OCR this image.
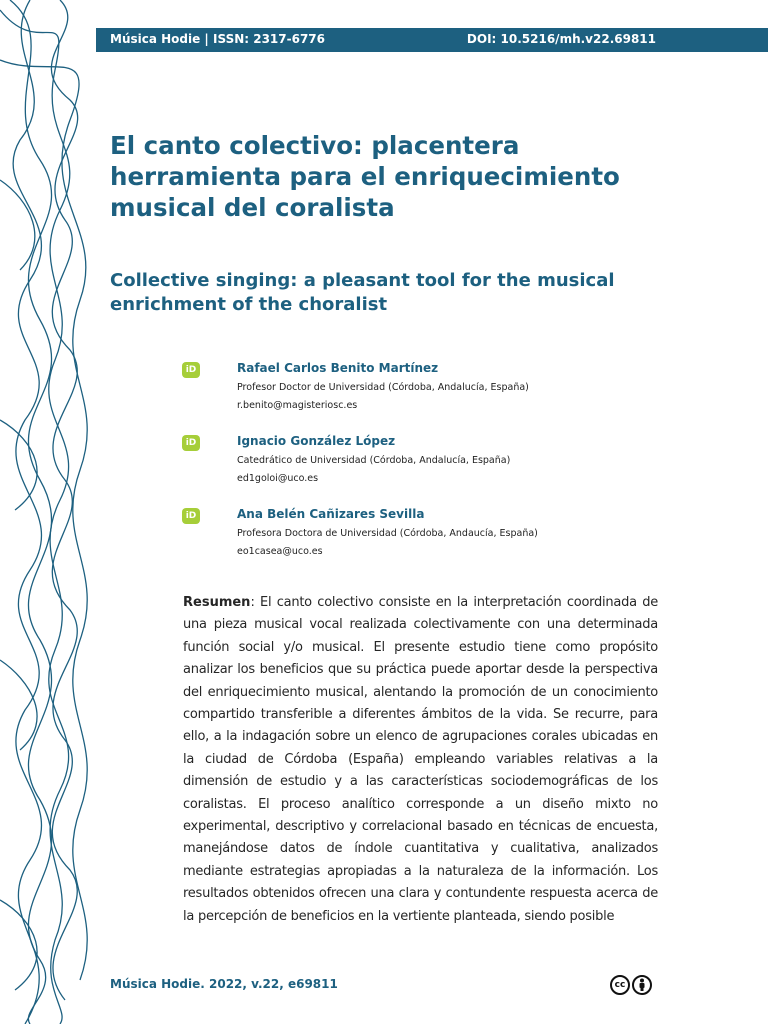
Música Hodie | ISSN: 2317-6776	DOI: 10.5216/mh.v22.69811
El canto colectivo: placentera herramienta para el enriquecimiento musical del coralista
Collective singing: a pleasant tool for the musical enrichment of the choralist
iD	Rafael Carlos Benito Martínez
Profesor Doctor de Universidad (Córdoba, Andalucía, España)
r.benito@magisteriosc.es
iD	Ignacio González López
Catedrático de Universidad (Córdoba, Andalucía, España)
ed1goloi@uco.es
iD	Ana Belén Cañizares Sevilla
Profesora Doctora de Universidad (Córdoba, Andaucía, España)
eo1casea@uco.es

Resumen: El canto colectivo consiste en la interpretación coordinada de una pieza musical vocal realizada colectivamente con una determinada función social y/o musical. El presente estudio tiene como propósito analizar los beneficios que su práctica puede aportar desde la perspectiva del enriquecimiento musical, alentando la promoción de un conocimiento compartido transferible a diferentes ámbitos de la vida. Se recurre, para ello, a la indagación sobre un elenco de agrupaciones corales ubicadas en la ciudad de Córdoba (España) empleando variables relativas a la dimensión de estudio y a las características sociodemográficas de los coralistas. El proceso analítico corresponde a un diseño mixto no experimental, descriptivo y correlacional basado en técnicas de encuesta, manejándose datos de índole cuantitativa y cualitativa, analizados mediante estrategias apropiadas a la naturaleza de la información. Los resultados obtenidos ofrecen una clara y contundente respuesta acerca de la percepción de beneficios en la vertiente planteada, siendo posible

Música Hodie. 2022, v.22, e69811	cc
